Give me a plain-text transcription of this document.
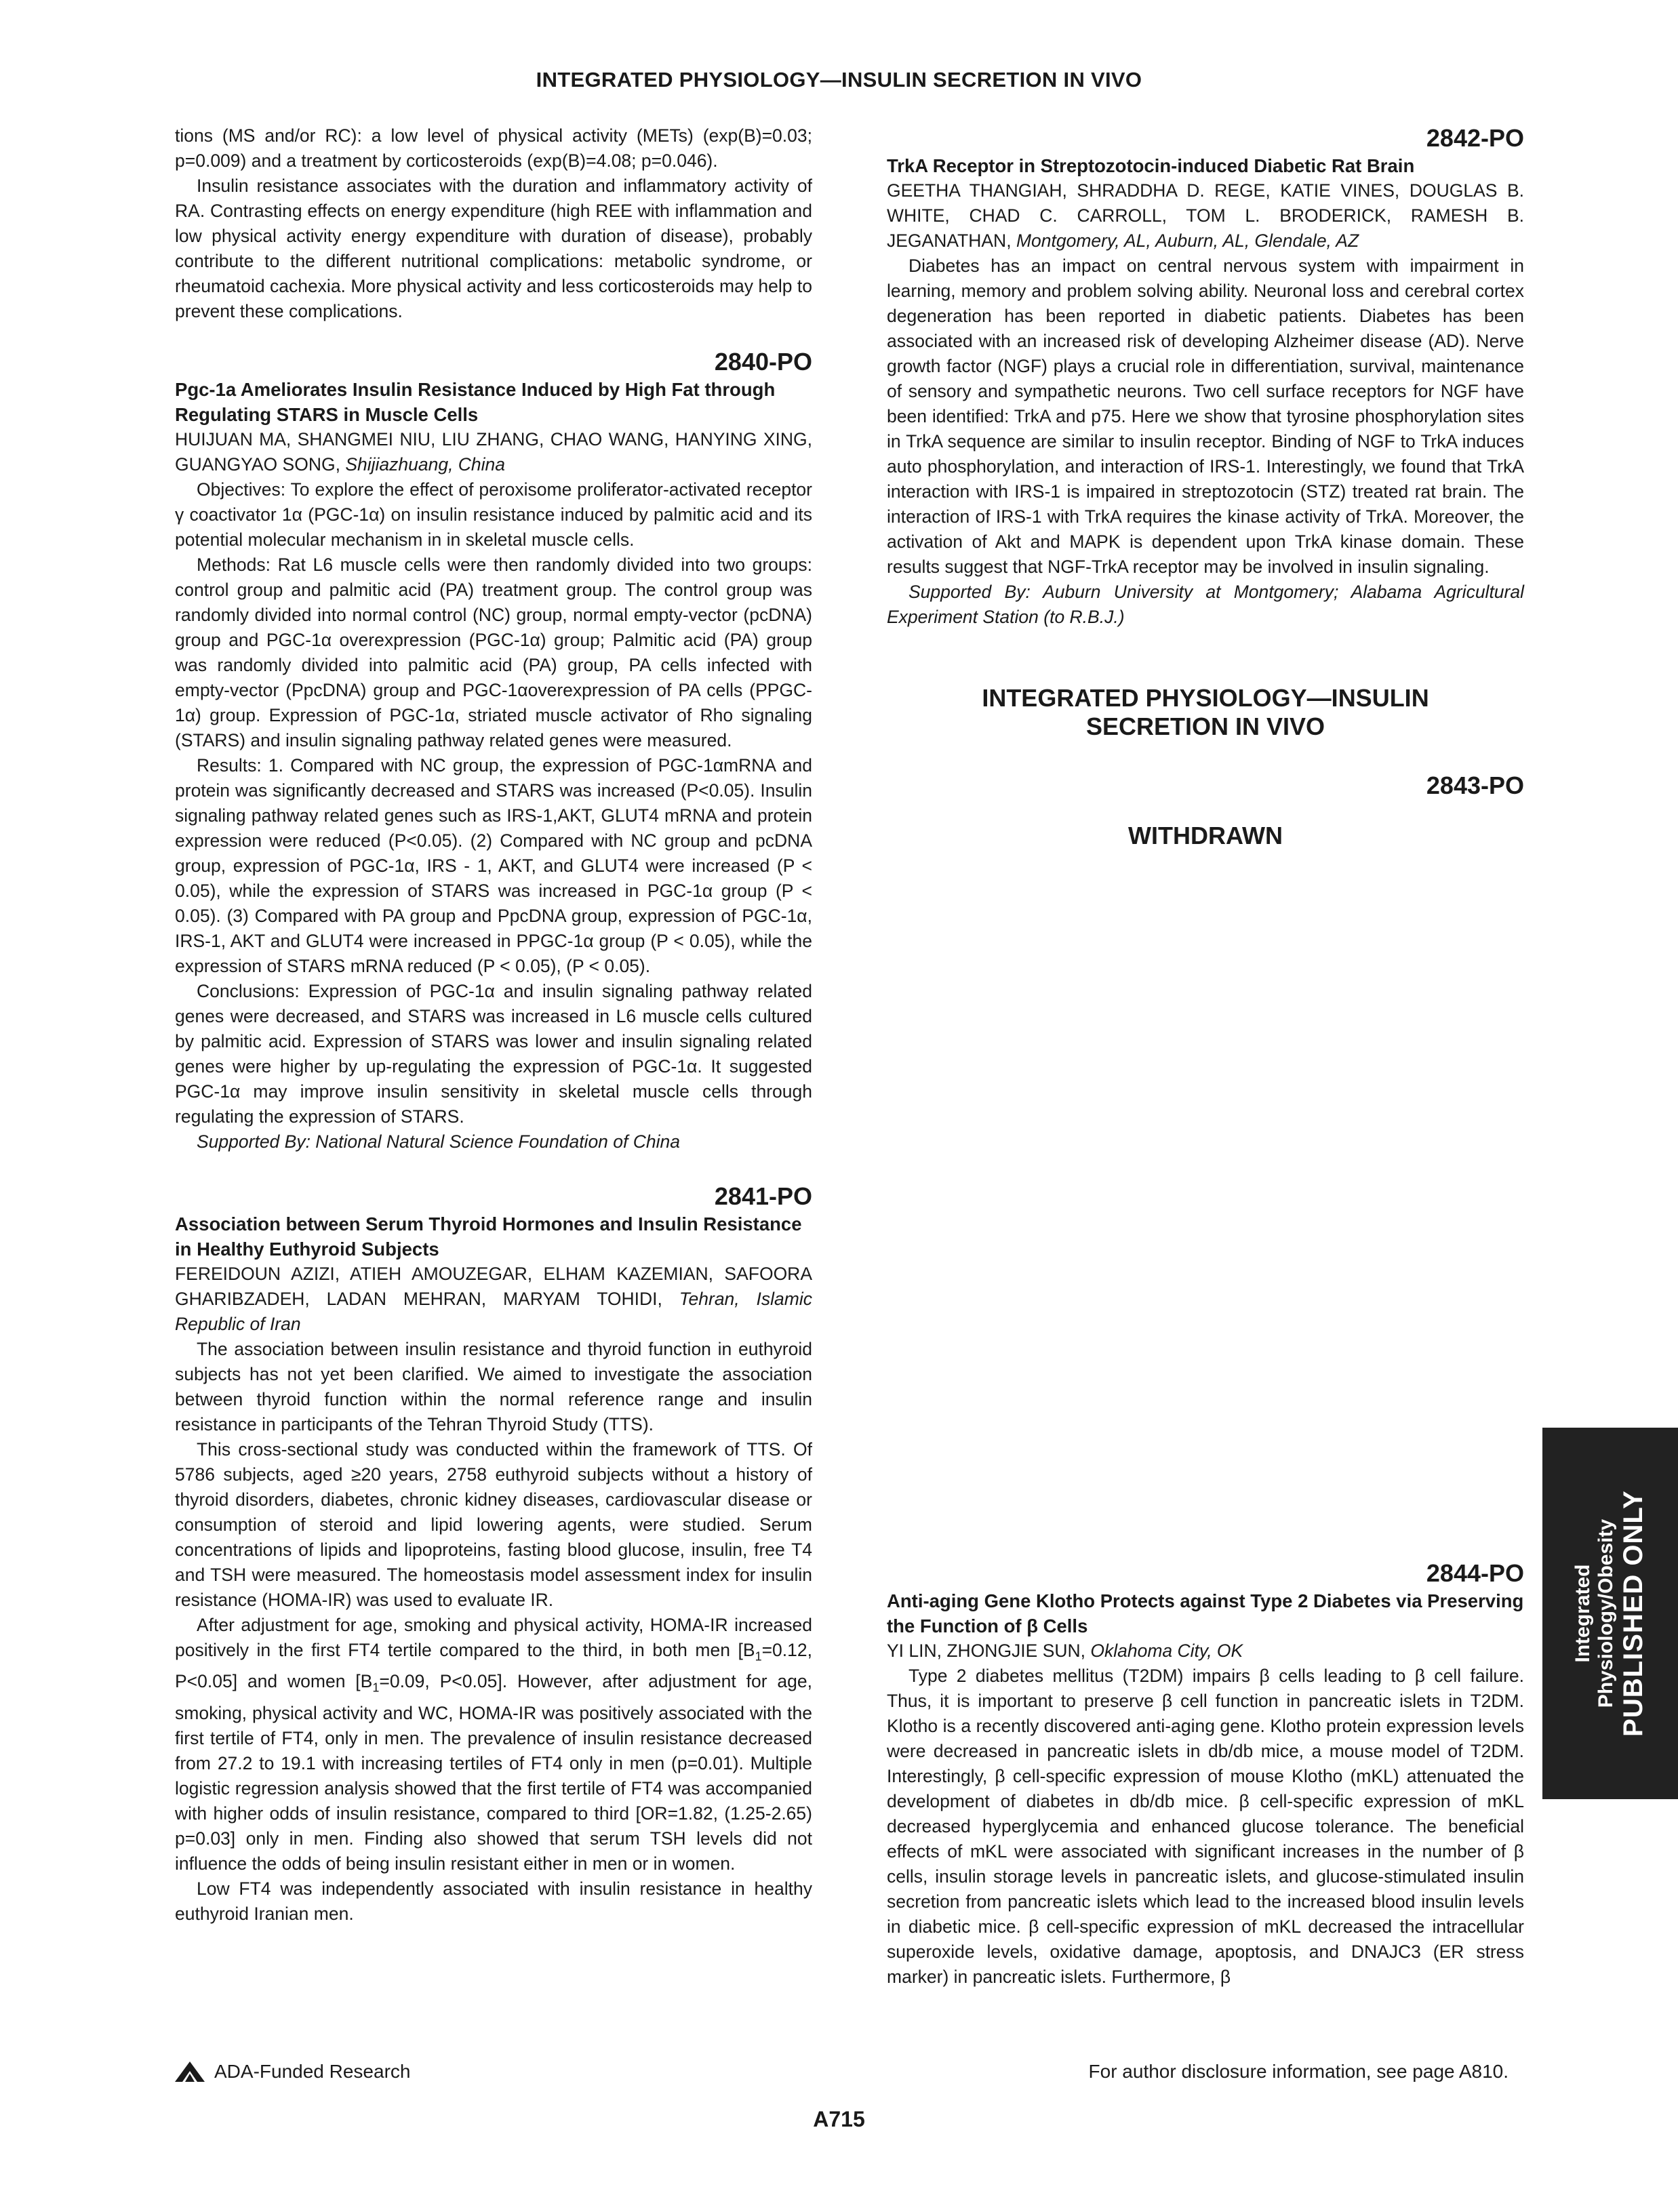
INTEGRATED PHYSIOLOGY—INSULIN SECRETION IN VIVO

tions (MS and/or RC): a low level of physical activity (METs) (exp(B)=0.03; p=0.009) and a treatment by corticosteroids (exp(B)=4.08; p=0.046).

Insulin resistance associates with the duration and inflammatory activity of RA. Contrasting effects on energy expenditure (high REE with inflammation and low physical activity energy expenditure with duration of disease), probably contribute to the different nutritional complications: metabolic syndrome, or rheumatoid cachexia. More physical activity and less corticosteroids may help to prevent these complications.

2840-PO
Pgc-1a Ameliorates Insulin Resistance Induced by High Fat through Regulating STARS in Muscle Cells

HUIJUAN MA, SHANGMEI NIU, LIU ZHANG, CHAO WANG, HANYING XING, GUANGYAO SONG, Shijiazhuang, China

Objectives: To explore the effect of peroxisome proliferator-activated receptor γ coactivator 1α (PGC-1α) on insulin resistance induced by palmitic acid and its potential molecular mechanism in in skeletal muscle cells.

Methods: Rat L6 muscle cells were then randomly divided into two groups: control group and palmitic acid (PA) treatment group. The control group was randomly divided into normal control (NC) group, normal empty-vector (pcDNA) group and PGC-1α overexpression (PGC-1α) group; Palmitic acid (PA) group was randomly divided into palmitic acid (PA) group, PA cells infected with empty-vector (PpcDNA) group and PGC-1αoverexpression of PA cells (PPGC-1α) group. Expression of PGC-1α, striated muscle activator of Rho signaling (STARS) and insulin signaling pathway related genes were measured.

Results: 1. Compared with NC group, the expression of PGC-1αmRNA and protein was significantly decreased and STARS was increased (P<0.05). Insulin signaling pathway related genes such as IRS-1,AKT, GLUT4 mRNA and protein expression were reduced (P<0.05). (2) Compared with NC group and pcDNA group, expression of PGC-1α, IRS - 1, AKT, and GLUT4 were increased (P < 0.05), while the expression of STARS was increased in PGC-1α group (P < 0.05). (3) Compared with PA group and PpcDNA group, expression of PGC-1α, IRS-1, AKT and GLUT4 were increased in PPGC-1α group (P < 0.05), while the expression of STARS mRNA reduced (P < 0.05), (P < 0.05).

Conclusions: Expression of PGC-1α and insulin signaling pathway related genes were decreased, and STARS was increased in L6 muscle cells cultured by palmitic acid. Expression of STARS was lower and insulin signaling related genes were higher by up-regulating the expression of PGC-1α. It suggested PGC-1α may improve insulin sensitivity in skeletal muscle cells through regulating the expression of STARS.

Supported By: National Natural Science Foundation of China

2841-PO
Association between Serum Thyroid Hormones and Insulin Resistance in Healthy Euthyroid Subjects

FEREIDOUN AZIZI, ATIEH AMOUZEGAR, ELHAM KAZEMIAN, SAFOORA GHARIBZADEH, LADAN MEHRAN, MARYAM TOHIDI, Tehran, Islamic Republic of Iran

The association between insulin resistance and thyroid function in euthyroid subjects has not yet been clarified. We aimed to investigate the association between thyroid function within the normal reference range and insulin resistance in participants of the Tehran Thyroid Study (TTS).

This cross-sectional study was conducted within the framework of TTS. Of 5786 subjects, aged ≥20 years, 2758 euthyroid subjects without a history of thyroid disorders, diabetes, chronic kidney diseases, cardiovascular disease or consumption of steroid and lipid lowering agents, were studied. Serum concentrations of lipids and lipoproteins, fasting blood glucose, insulin, free T4 and TSH were measured. The homeostasis model assessment index for insulin resistance (HOMA-IR) was used to evaluate IR.

After adjustment for age, smoking and physical activity, HOMA-IR increased positively in the first FT4 tertile compared to the third, in both men [$B_1=0.12$, P<0.05] and women [$B_1=0.09$, P<0.05]. However, after adjustment for age, smoking, physical activity and WC, HOMA-IR was positively associated with the first tertile of FT4, only in men. The prevalence of insulin resistance decreased from 27.2 to 19.1 with increasing tertiles of FT4 only in men (p=0.01). Multiple logistic regression analysis showed that the first tertile of FT4 was accompanied with higher odds of insulin resistance, compared to third [OR=1.82, (1.25-2.65) p=0.03] only in men. Finding also showed that serum TSH levels did not influence the odds of being insulin resistant either in men or in women.

Low FT4 was independently associated with insulin resistance in healthy euthyroid Iranian men.

2842-PO
TrkA Receptor in Streptozotocin-induced Diabetic Rat Brain

GEETHA THANGIAH, SHRADDHA D. REGE, KATIE VINES, DOUGLAS B. WHITE, CHAD C. CARROLL, TOM L. BRODERICK, RAMESH B. JEGANATHAN, Montgomery, AL, Auburn, AL, Glendale, AZ

Diabetes has an impact on central nervous system with impairment in learning, memory and problem solving ability. Neuronal loss and cerebral cortex degeneration has been reported in diabetic patients. Diabetes has been associated with an increased risk of developing Alzheimer disease (AD). Nerve growth factor (NGF) plays a crucial role in differentiation, survival, maintenance of sensory and sympathetic neurons. Two cell surface receptors for NGF have been identified: TrkA and p75. Here we show that tyrosine phosphorylation sites in TrkA sequence are similar to insulin receptor. Binding of NGF to TrkA induces auto phosphorylation, and interaction of IRS-1. Interestingly, we found that TrkA interaction with IRS-1 is impaired in streptozotocin (STZ) treated rat brain. The interaction of IRS-1 with TrkA requires the kinase activity of TrkA. Moreover, the activation of Akt and MAPK is dependent upon TrkA kinase domain. These results suggest that NGF-TrkA receptor may be involved in insulin signaling.

Supported By: Auburn University at Montgomery; Alabama Agricultural Experiment Station (to R.B.J.)

INTEGRATED PHYSIOLOGY—INSULIN SECRETION IN VIVO
2843-PO
WITHDRAWN
2844-PO
Anti-aging Gene Klotho Protects against Type 2 Diabetes via Preserving the Function of β Cells

YI LIN, ZHONGJIE SUN, Oklahoma City, OK

Type 2 diabetes mellitus (T2DM) impairs β cells leading to β cell failure. Thus, it is important to preserve β cell function in pancreatic islets in T2DM. Klotho is a recently discovered anti-aging gene. Klotho protein expression levels were decreased in pancreatic islets in db/db mice, a mouse model of T2DM. Interestingly, β cell-specific expression of mouse Klotho (mKL) attenuated the development of diabetes in db/db mice. β cell-specific expression of mKL decreased hyperglycemia and enhanced glucose tolerance. The beneficial effects of mKL were associated with significant increases in the number of β cells, insulin storage levels in pancreatic islets, and glucose-stimulated insulin secretion from pancreatic islets which lead to the increased blood insulin levels in diabetic mice. β cell-specific expression of mKL decreased the intracellular superoxide levels, oxidative damage, apoptosis, and DNAJC3 (ER stress marker) in pancreatic islets. Furthermore, β

Integrated Physiology/Obesity PUBLISHED ONLY
ADA-Funded Research	For author disclosure information, see page A810.
A715
